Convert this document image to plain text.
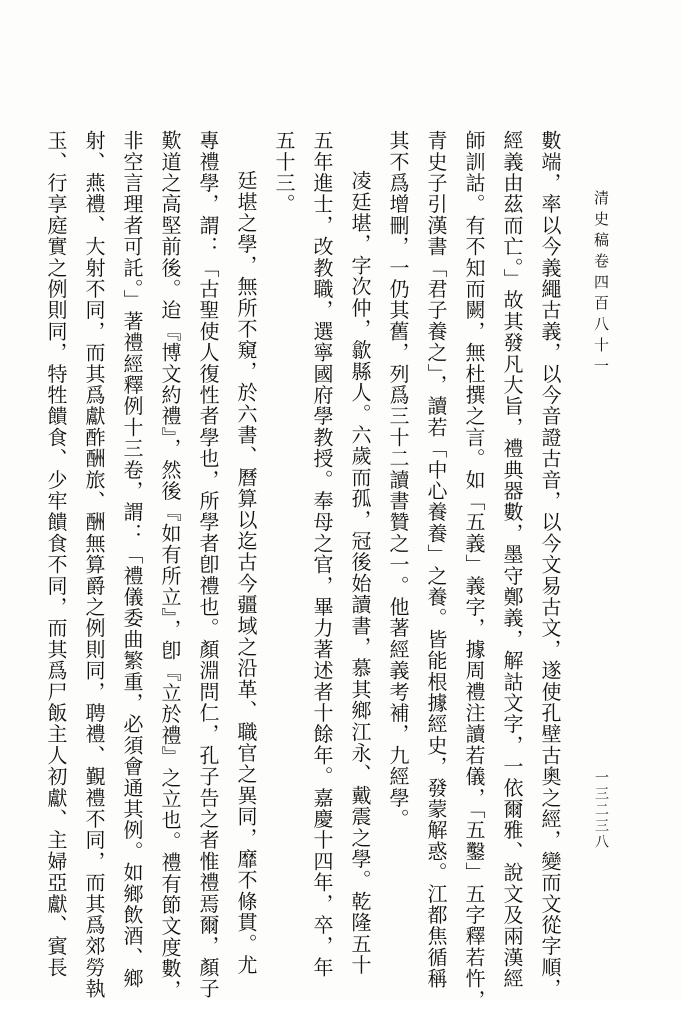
清史稿卷四百八十一
一三二三八
數端，率以今義繩古義，以今音證古音，以今文易古文，遂使孔壁古奧之經，變而文從字順，
經義由茲而亡。」故其發凡大旨，禮典器數，墨守鄭義，解詁文字，一依爾雅、說文及兩漢經
師訓詁。有不知而闕，無杜撰之言。如「五義」義字，據周禮注讀若儀，「五鑿」五字釋若忤，
青史子引漢書「君子養之」，讀若「中心養養」之養。皆能根據經史，發蒙解惑。江都焦循稱
其不爲增刪，一仍其舊，列爲三十二讀書贊之一。他著經義考補，九經學。
凌廷堪，字次仲，歙縣人。六歲而孤，冠後始讀書，慕其鄉江永、戴震之學。乾隆五十
五年進士，改教職，選寧國府學教授。奉母之官，畢力著述者十餘年。嘉慶十四年，卒，年
五十三。
廷堪之學，無所不窺，於六書、曆算以迄古今疆域之沿革、職官之異同，靡不條貫。尤
專禮學，謂：「古聖使人復性者學也，所學者卽禮也。顏淵問仁，孔子告之者惟禮焉爾，顏子
歎道之高堅前後。迨『博文約禮』，然後『如有所立』，卽『立於禮』之立也。禮有節文度數，
非空言理者可託。」著禮經釋例十三卷，謂：「禮儀委曲繁重，必須會通其例。如鄉飲酒、鄉
射、燕禮、大射不同，而其爲獻酢酬旅、酬無算爵之例則同，聘禮、覲禮不同，而其爲郊勞執
玉、行享庭實之例則同，特牲饋食、少牢饋食不同，而其爲尸飯主人初獻、主婦亞獻、賓長
